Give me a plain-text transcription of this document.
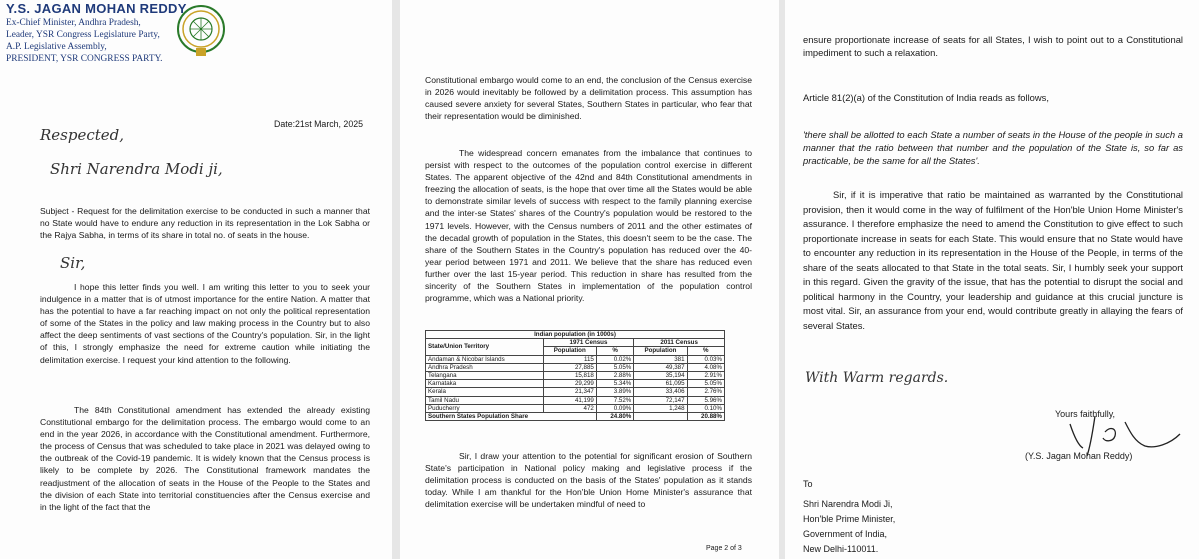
Y.S. JAGAN MOHAN REDDY
Ex-Chief Minister, Andhra Pradesh,
Leader, YSR Congress Legislature Party,
A.P. Legislative Assembly,
PRESIDENT, YSR CONGRESS PARTY.
Date:21st March, 2025
Respected,
Shri Narendra Modi ji,
Subject - Request for the delimitation exercise to be conducted in such a manner that no State would have to endure any reduction in its representation in the Lok Sabha or the Rajya Sabha, in terms of its share in total no. of seats in the house.
Sir,
I hope this letter finds you well. I am writing this letter to you to seek your indulgence in a matter that is of utmost importance for the entire Nation. A matter that has the potential to have a far reaching impact on not only the political representation of some of the States in the policy and law making process in the Country but to also affect the deep sentiments of vast sections of the Country's population. Sir, in the light of this, I strongly emphasize the need for extreme caution while initiating the delimitation exercise. I request your kind attention to the following.
The 84th Constitutional amendment has extended the already existing Constitutional embargo for the delimitation process. The embargo would come to an end in the year 2026, in accordance with the Constitutional amendment. Furthermore, the process of Census that was scheduled to take place in 2021 was delayed owing to the outbreak of the Covid-19 pandemic. It is widely known that the Census process is likely to be complete by 2026. The Constitutional framework mandates the readjustment of the allocation of seats in the House of the People to the States and the division of each State into territorial constituencies after the Census exercise and in the light of the fact that the
Constitutional embargo would come to an end, the conclusion of the Census exercise in 2026 would inevitably be followed by a delimitation process. This assumption has caused severe anxiety for several States, Southern States in particular, who fear that their representation would be diminished.
The widespread concern emanates from the imbalance that continues to persist with respect to the outcomes of the population control exercise in different States. The apparent objective of the 42nd and 84th Constitutional amendments in freezing the allocation of seats, is the hope that over time all the States would be able to demonstrate similar levels of success with respect to the family planning exercise and the inter-se States' shares of the Country's population would be restored to the 1971 levels. However, with the Census numbers of 2011 and the other estimates of the decadal growth of population in the States, this doesn't seem to be the case. The share of the Southern States in the Country's population has reduced over the 40-year period between 1971 and 2011. We believe that the share has reduced even further over the last 15-year period. This reduction in share has resulted from the sincerity of the Southern States in implementation of the population control programme, which was a National priority.
Indian population (in 1000s)				
State/Union Territory	1971 Census		2011 Census	
	Population	%	Population	%
Andaman & Nicobar Islands	115	0.02%	381	0.03%
Andhra Pradesh	27,885	5.05%	49,387	4.08%
Telangana	15,818	2.88%	35,194	2.91%
Karnataka	29,299	5.34%	61,095	5.05%
Kerala	21,347	3.89%	33,406	2.76%
Tamil Nadu	41,199	7.52%	72,147	5.96%
Puducherry	472	0.09%	1,248	0.10%
Southern States Population Share		24.80%		20.88%
Sir, I draw your attention to the potential for significant erosion of Southern State's participation in National policy making and legislative process if the delimitation process is conducted on the basis of the States' population as it stands today. While I am thankful for the Hon'ble Union Home Minister's assurance that delimitation exercise will be undertaken mindful of need to
Page 2 of 3
ensure proportionate increase of seats for all States, I wish to point out to a Constitutional impediment to such a relaxation.
Article 81(2)(a) of the Constitution of India reads as follows,
'there shall be allotted to each State a number of seats in the House of the people in such a manner that the ratio between that number and the population of the State is, so far as practicable, be the same for all the States'.
Sir, if it is imperative that ratio be maintained as warranted by the Constitutional provision, then it would come in the way of fulfilment of the Hon'ble Union Home Minister's assurance. I therefore emphasize the need to amend the Constitution to give effect to such proportionate increase in seats for each State. This would ensure that no State would have to encounter any reduction in its representation in the House of the People, in terms of the share of the seats allocated to that State in the total seats. Sir, I humbly seek your support in this regard. Given the gravity of the issue, that has the potential to disrupt the social and political harmony in the Country, your leadership and guidance at this crucial juncture is most vital. Sir, an assurance from your end, would contribute greatly in allaying the fears of several States.
With Warm regards.
Yours faithfully,
(Y.S. Jagan Mohan Reddy)
To
Shri Narendra Modi Ji,
Hon'ble Prime Minister,
Government of India,
New Delhi-110011.
